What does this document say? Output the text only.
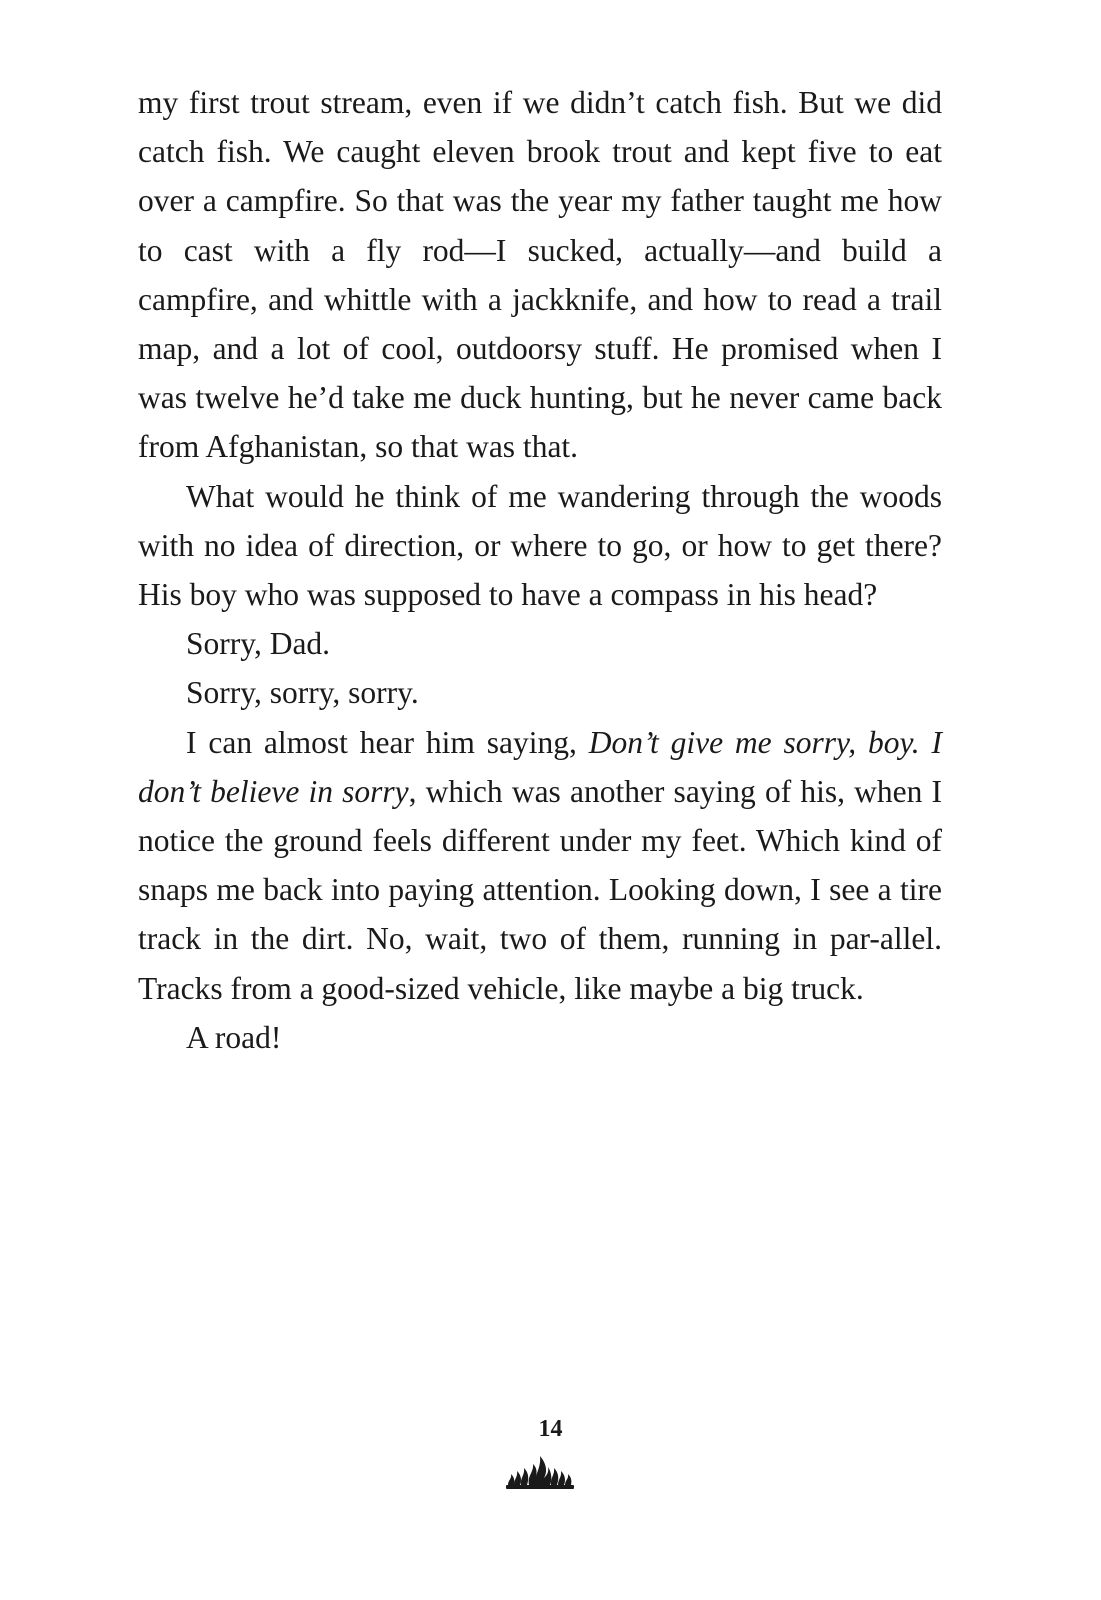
my first trout stream, even if we didn’t catch fish. But we did catch fish. We caught eleven brook trout and kept five to eat over a campfire. So that was the year my father taught me how to cast with a fly rod—I sucked, actually—and build a campfire, and whittle with a jackknife, and how to read a trail map, and a lot of cool, outdoorsy stuff. He promised when I was twelve he’d take me duck hunting, but he never came back from Afghanistan, so that was that.

What would he think of me wandering through the woods with no idea of direction, or where to go, or how to get there? His boy who was supposed to have a compass in his head?

Sorry, Dad.

Sorry, sorry, sorry.

I can almost hear him saying, Don’t give me sorry, boy. I don’t believe in sorry, which was another saying of his, when I notice the ground feels different under my feet. Which kind of snaps me back into paying attention. Looking down, I see a tire track in the dirt. No, wait, two of them, running in par-allel. Tracks from a good-sized vehicle, like maybe a big truck.

A road!

14
